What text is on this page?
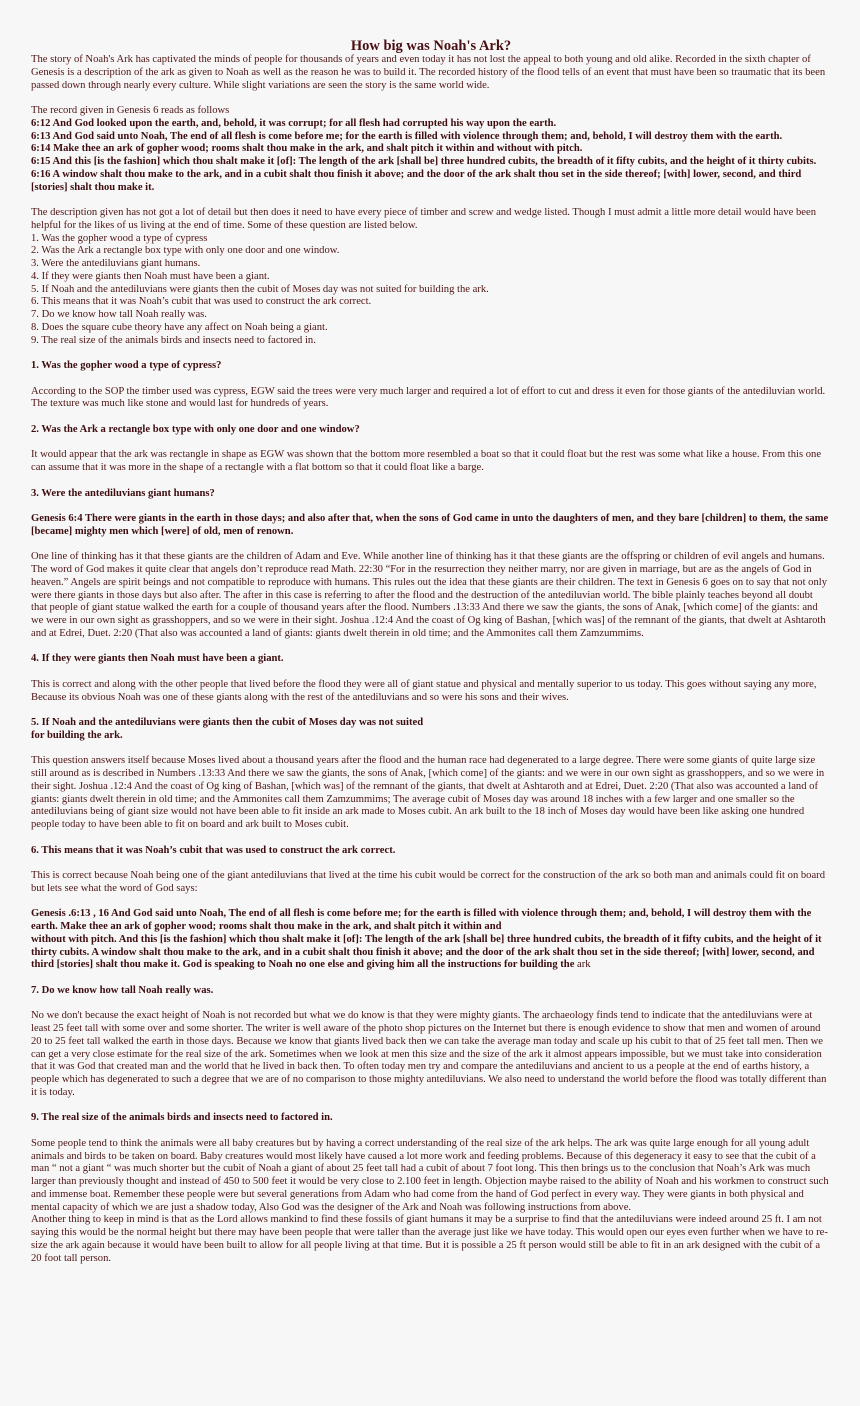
How big was Noah's Ark?

The story of Noah's Ark has captivated the minds of people for thousands of years and even today it has not lost the appeal to both young and old alike. Recorded in the sixth chapter of Genesis is a description of the ark as given to Noah as well as the reason he was to build it. The recorded history of the flood tells of an event that must have been so traumatic that its been passed down through nearly every culture. While slight variations are seen the story is the same world wide.

The record given in Genesis 6 reads as follows

6:12 And God looked upon the earth, and, behold, it was corrupt; for all flesh had corrupted his way upon the earth.

6:13 And God said unto Noah, The end of all flesh is come before me; for the earth is filled with violence through them; and, behold, I will destroy them with the earth.

6:14 Make thee an ark of gopher wood; rooms shalt thou make in the ark, and shalt pitch it within and without with pitch.

6:15 And this [is the fashion] which thou shalt make it [of]: The length of the ark [shall be] three hundred cubits, the breadth of it fifty cubits, and the height of it thirty cubits.

6:16 A window shalt thou make to the ark, and in a cubit shalt thou finish it above; and the door of the ark shalt thou set in the side thereof; [with] lower, second, and third [stories] shalt thou make it.

The description given has not got a lot of detail but then does it need to have every piece of timber and screw and wedge listed. Though I must admit a little more detail would have been helpful for the likes of us living at the end of time. Some of these question are listed below.

1. Was the gopher wood a type of cypress

2. Was the Ark a rectangle box type with only one door and one window.

3. Were the antediluvians giant humans.

4. If they were giants then Noah must have been a giant.

5. If Noah and the antediluvians were giants then the cubit of Moses day was not suited for building the ark.

6. This means that it was Noah’s cubit that was used to construct the ark correct.

7. Do we know how tall Noah really was.

8. Does the square cube theory have any affect on Noah being a giant.

9. The real size of the animals birds and insects need to factored in.

1. Was the gopher wood a type of cypress?

According to the SOP the timber used was cypress, EGW said the trees were very much larger and required a lot of effort to cut and dress it even for those giants of the antediluvian world. The texture was much like stone and would last for hundreds of years.

2. Was the Ark a rectangle box type with only one door and one window?

It would appear that the ark was rectangle in shape as EGW was shown that the bottom more resembled a boat so that it could float but the rest was some what like a house. From this one can assume that it was more in the shape of a rectangle with a flat bottom so that it could float like a barge.

3. Were the antediluvians giant humans?

Genesis 6:4 There were giants in the earth in those days; and also after that, when the sons of God came in unto the daughters of men, and they bare [children] to them, the same [became] mighty men which [were] of old, men of renown.

One line of thinking has it that these giants are the children of Adam and Eve. While another line of thinking has it that these giants are the offspring or children of evil angels and humans. The word of God makes it quite clear that angels don’t reproduce read Math. 22:30 “For in the resurrection they neither marry, nor are given in marriage, but are as the angels of God in heaven.” Angels are spirit beings and not compatible to reproduce with humans. This rules out the idea that these giants are their children. The text in Genesis 6 goes on to say that not only were there giants in those days but also after. The after in this case is referring to after the flood and the destruction of the antediluvian world. The bible plainly teaches beyond all doubt that people of giant statue walked the earth for a couple of thousand years after the flood. Numbers .13:33 And there we saw the giants, the sons of Anak, [which come] of the giants: and we were in our own sight as grasshoppers, and so we were in their sight. Joshua .12:4 And the coast of Og king of Bashan, [which was] of the remnant of the giants, that dwelt at Ashtaroth and at Edrei, Duet. 2:20 (That also was accounted a land of giants: giants dwelt therein in old time; and the Ammonites call them Zamzummims.

4. If they were giants then Noah must have been a giant.

This is correct and along with the other people that lived before the flood they were all of giant statue and physical and mentally superior to us today. This goes without saying any more, Because its obvious Noah was one of these giants along with the rest of the antediluvians and so were his sons and their wives.

5. If Noah and the antediluvians were giants then the cubit of Moses day was not suited

for building the ark.

This question answers itself because Moses lived about a thousand years after the flood and the human race had degenerated to a large degree. There were some giants of quite large size still around as is described in Numbers .13:33 And there we saw the giants, the sons of Anak, [which come] of the giants: and we were in our own sight as grasshoppers, and so we were in their sight. Joshua .12:4 And the coast of Og king of Bashan, [which was] of the remnant of the giants, that dwelt at Ashtaroth and at Edrei, Duet. 2:20 (That also was accounted a land of giants: giants dwelt therein in old time; and the Ammonites call them Zamzummims; The average cubit of Moses day was around 18 inches with a few larger and one smaller so the antediluvians being of giant size would not have been able to fit inside an ark made to Moses cubit. An ark built to the 18 inch of Moses day would have been like asking one hundred people today to have been able to fit on board and ark built to Moses cubit.

6. This means that it was Noah’s cubit that was used to construct the ark correct.

This is correct because Noah being one of the giant antediluvians that lived at the time his cubit would be correct for the construction of the ark so both man and animals could fit on board but lets see what the word of God says:

Genesis .6:13 , 16 And God said unto Noah, The end of all flesh is come before me; for the earth is filled with violence through them; and, behold, I will destroy them with the earth. Make thee an ark of gopher wood; rooms shalt thou make in the ark, and shalt pitch it within and

without with pitch. And this [is the fashion] which thou shalt make it [of]: The length of the ark [shall be] three hundred cubits, the breadth of it fifty cubits, and the height of it thirty cubits. A window shalt thou make to the ark, and in a cubit shalt thou finish it above; and the door of the ark shalt thou set in the side thereof; [with] lower, second, and third [stories] shalt thou make it. God is speaking to Noah no one else and giving him all the instructions for building the ark

7. Do we know how tall Noah really was.

No we don't because the exact height of Noah is not recorded but what we do know is that they were mighty giants. The archaeology finds tend to indicate that the antediluvians were at least 25 feet tall with some over and some shorter. The writer is well aware of the photo shop pictures on the Internet but there is enough evidence to show that men and women of around 20 to 25 feet tall walked the earth in those days. Because we know that giants lived back then we can take the average man today and scale up his cubit to that of 25 feet tall men. Then we can get a very close estimate for the real size of the ark. Sometimes when we look at men this size and the size of the ark it almost appears impossible, but we must take into consideration that it was God that created man and the world that he lived in back then. To often today men try and compare the antediluvians and ancient to us a people at the end of earths history, a people which has degenerated to such a degree that we are of no comparison to those mighty antediluvians. We also need to understand the world before the flood was totally different than it is today.

9. The real size of the animals birds and insects need to factored in.

Some people tend to think the animals were all baby creatures but by having a correct understanding of the real size of the ark helps. The ark was quite large enough for all young adult animals and birds to be taken on board. Baby creatures would most likely have caused a lot more work and feeding problems. Because of this degeneracy it easy to see that the cubit of a man “ not a giant “ was much shorter but the cubit of Noah a giant of about 25 feet tall had a cubit of about 7 foot long. This then brings us to the conclusion that Noah’s Ark was much larger than previously thought and instead of 450 to 500 feet it would be very close to 2.100 feet in length. Objection maybe raised to the ability of Noah and his workmen to construct such and immense boat. Remember these people were but several generations from Adam who had come from the hand of God perfect in every way. They were giants in both physical and mental capacity of which we are just a shadow today, Also God was the designer of the Ark and Noah was following instructions from above.

Another thing to keep in mind is that as the Lord allows mankind to find these fossils of giant humans it may be a surprise to find that the antediluvians were indeed around 25 ft. I am not saying this would be the normal height but there may have been people that were taller than the average just like we have today. This would open our eyes even further when we have to re-size the ark again because it would have been built to allow for all people living at that time. But it is possible a 25 ft person would still be able to fit in an ark designed with the cubit of a 20 foot tall person.
